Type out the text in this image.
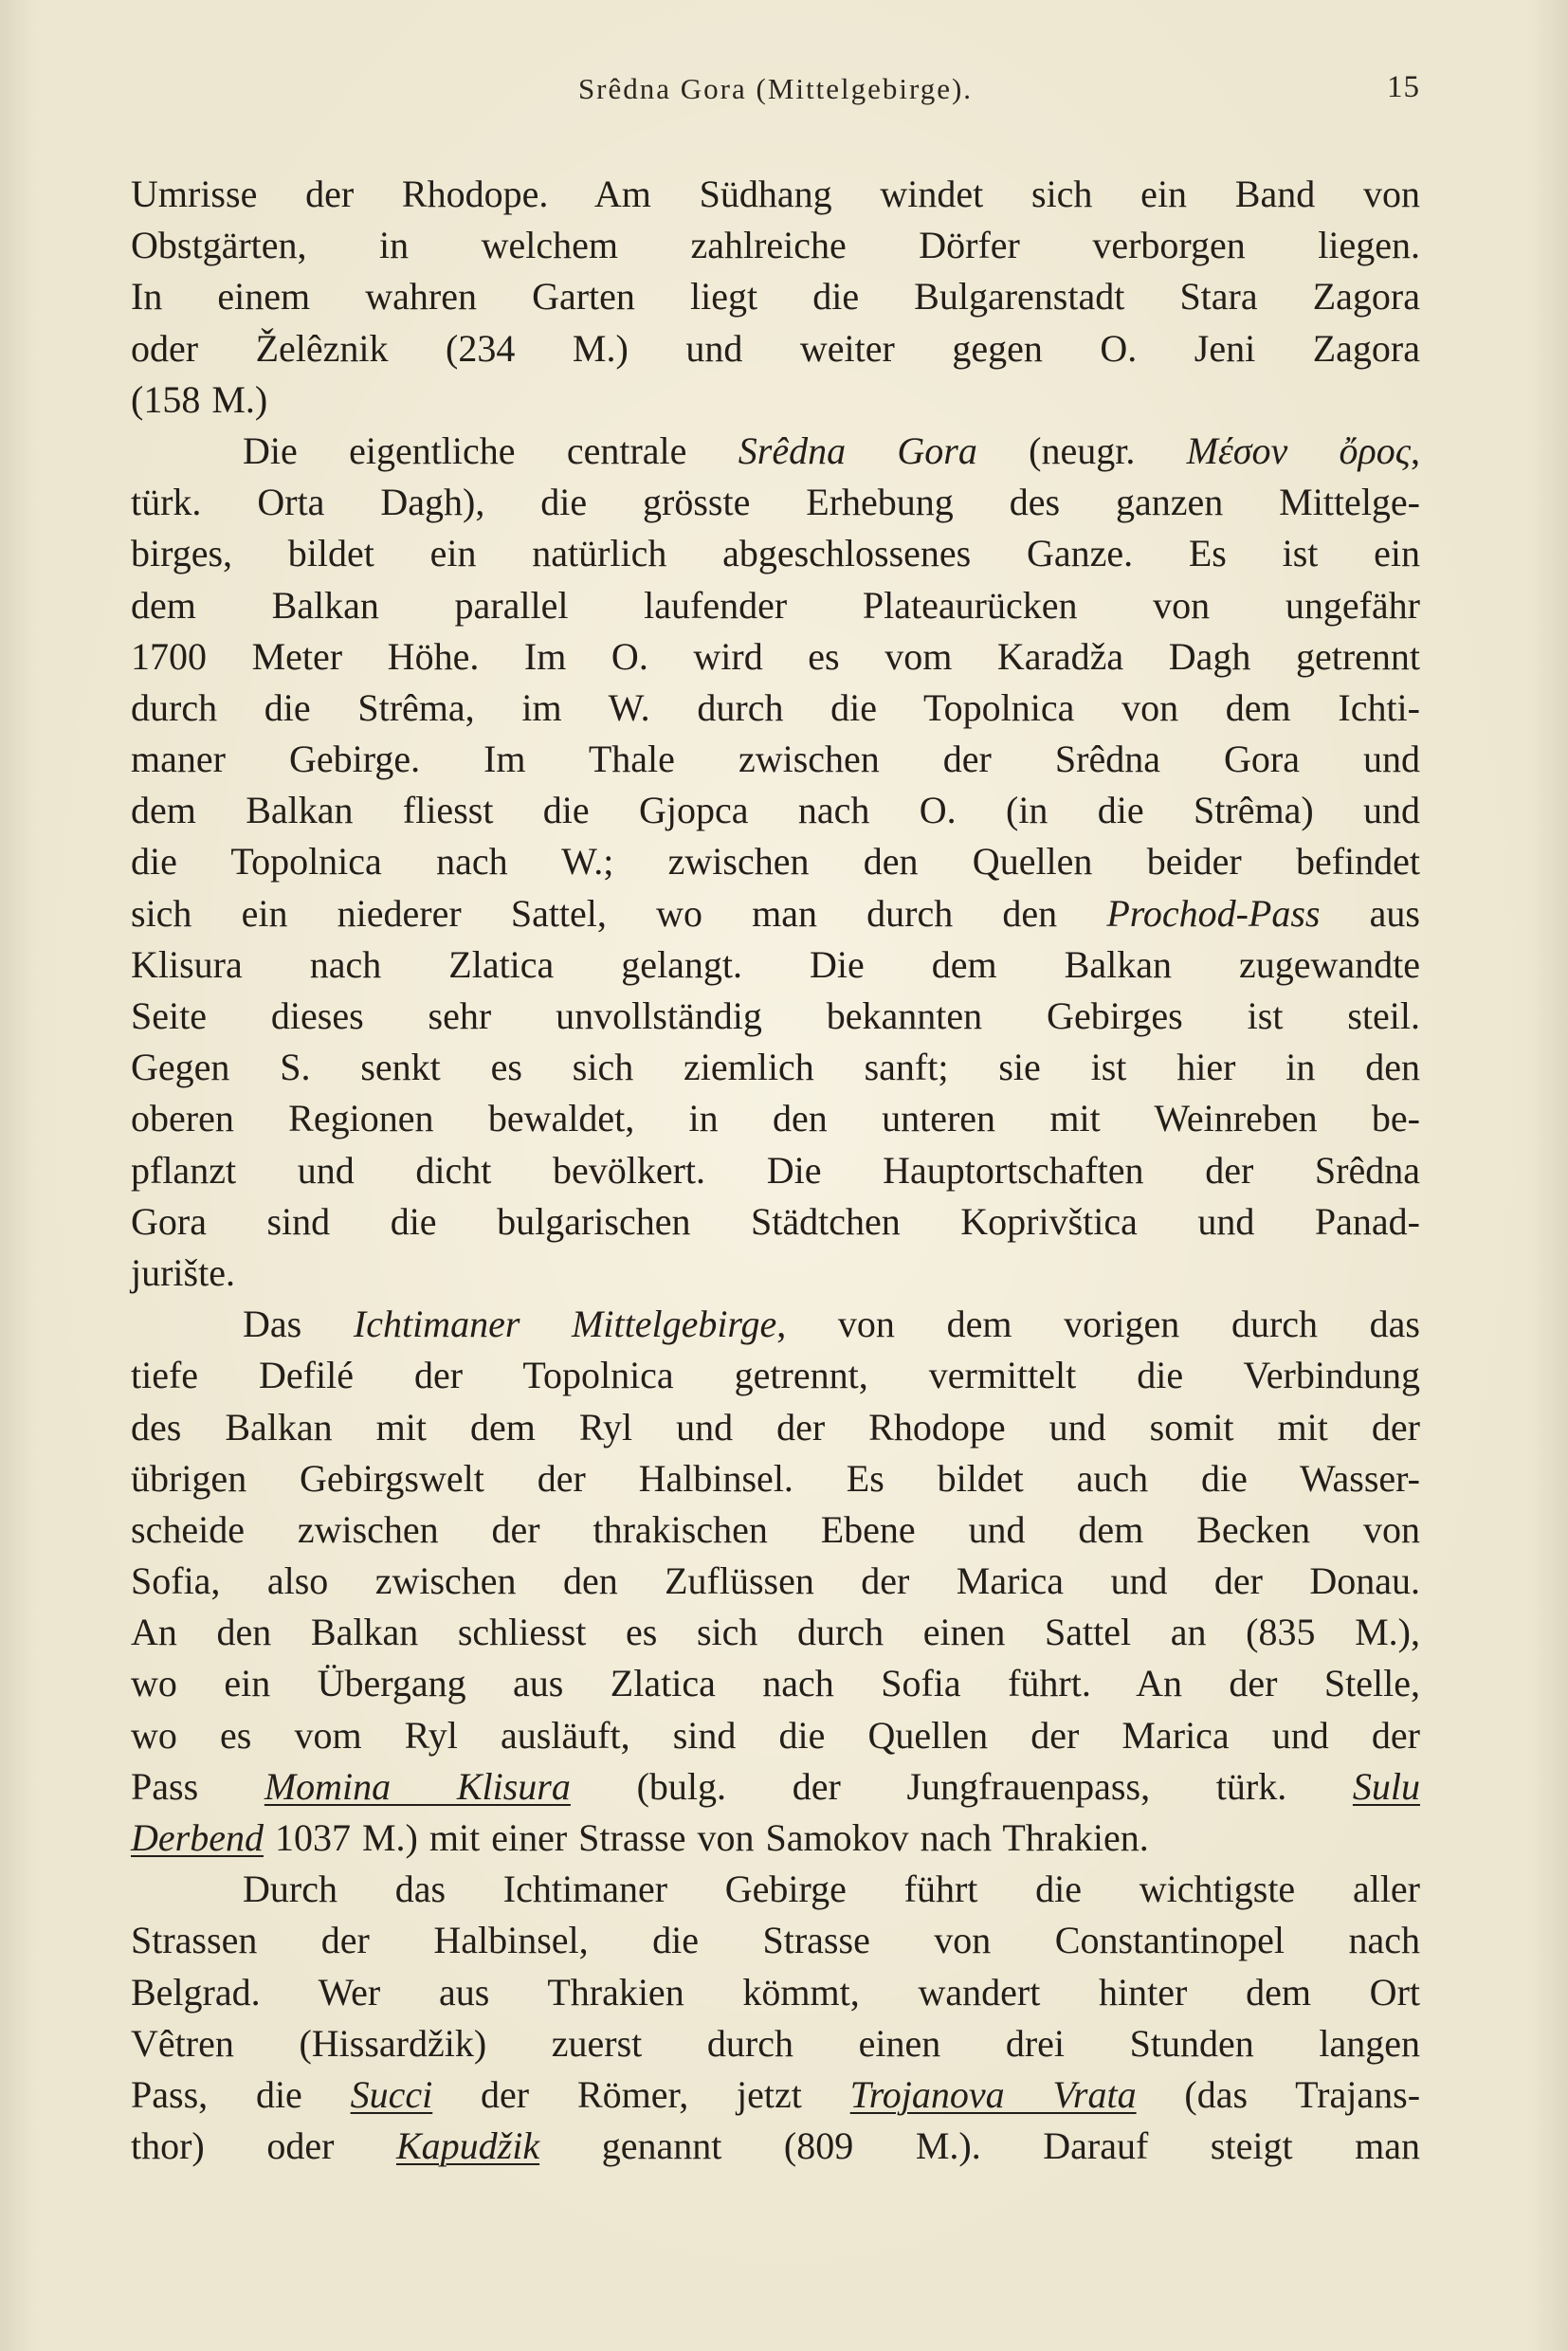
Srêdna Gora (Mittelgebirge).	15
Umrisse der Rhodope. Am Südhang windet sich ein Band von
Obstgärten, in welchem zahlreiche Dörfer verborgen liegen.
In einem wahren Garten liegt die Bulgarenstadt Stara Zagora
oder Želêznik (234 M.) und weiter gegen O. Jeni Zagora
(158 M.)
Die eigentliche centrale Srêdna Gora (neugr. Μέσον ὄρος,
türk. Orta Dagh), die grösste Erhebung des ganzen Mittelge-
birges, bildet ein natürlich abgeschlossenes Ganze. Es ist ein
dem Balkan parallel laufender Plateaurücken von ungefähr
1700 Meter Höhe. Im O. wird es vom Karadža Dagh getrennt
durch die Strêma, im W. durch die Topolnica von dem Ichti-
maner Gebirge. Im Thale zwischen der Srêdna Gora und
dem Balkan fliesst die Gjopca nach O. (in die Strêma) und
die Topolnica nach W.; zwischen den Quellen beider befindet
sich ein niederer Sattel, wo man durch den Prochod-Pass aus
Klisura nach Zlatica gelangt. Die dem Balkan zugewandte
Seite dieses sehr unvollständig bekannten Gebirges ist steil.
Gegen S. senkt es sich ziemlich sanft; sie ist hier in den
oberen Regionen bewaldet, in den unteren mit Weinreben be-
pflanzt und dicht bevölkert. Die Hauptortschaften der Srêdna
Gora sind die bulgarischen Städtchen Koprivštica und Panad-
jurište.
Das Ichtimaner Mittelgebirge, von dem vorigen durch das
tiefe Defilé der Topolnica getrennt, vermittelt die Verbindung
des Balkan mit dem Ryl und der Rhodope und somit mit der
übrigen Gebirgswelt der Halbinsel. Es bildet auch die Wasser-
scheide zwischen der thrakischen Ebene und dem Becken von
Sofia, also zwischen den Zuflüssen der Marica und der Donau.
An den Balkan schliesst es sich durch einen Sattel an (835 M.),
wo ein Übergang aus Zlatica nach Sofia führt. An der Stelle,
wo es vom Ryl ausläuft, sind die Quellen der Marica und der
Pass Momina Klisura (bulg. der Jungfrauenpass, türk. Sulu
Derbend 1037 M.) mit einer Strasse von Samokov nach Thrakien.
Durch das Ichtimaner Gebirge führt die wichtigste aller
Strassen der Halbinsel, die Strasse von Constantinopel nach
Belgrad. Wer aus Thrakien kömmt, wandert hinter dem Ort
Vêtren (Hissardžik) zuerst durch einen drei Stunden langen
Pass, die Succi der Römer, jetzt Trojanova Vrata (das Trajans-
thor) oder Kapudžik genannt (809 M.). Darauf steigt man
